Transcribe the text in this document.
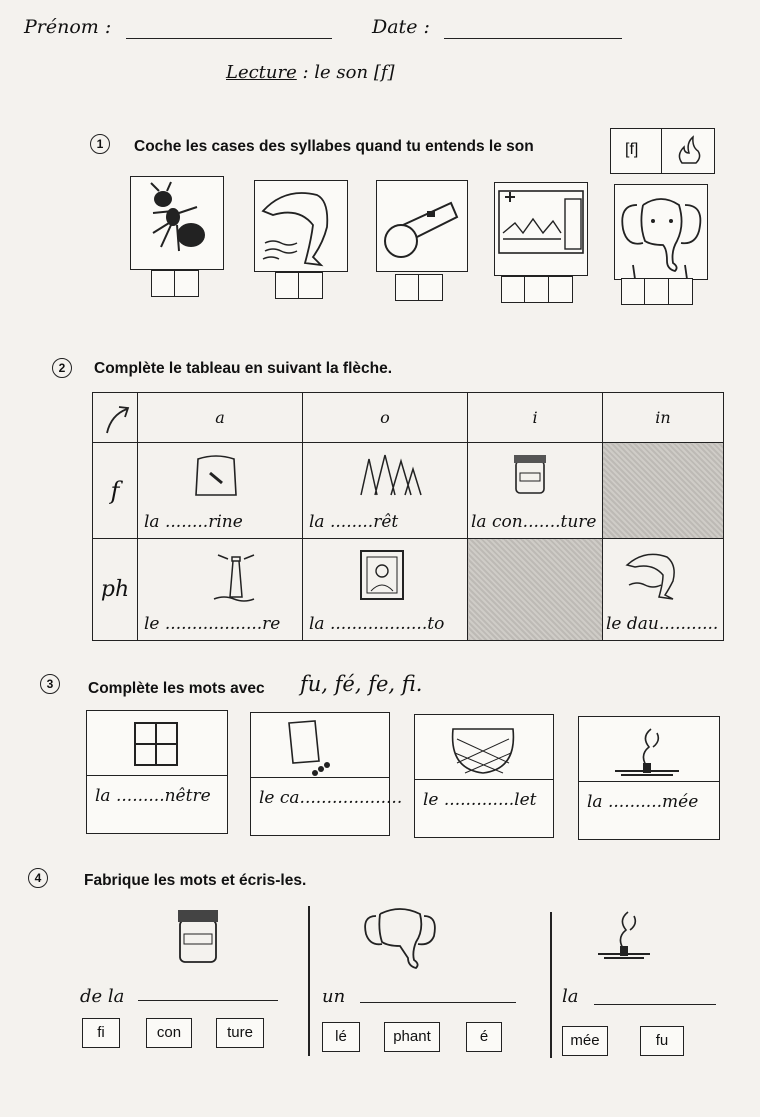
Prénom :	Date :
Lecture : le son [f]
1	Coche les cases des syllabes quand tu entends le son	[f]
2	Complète le tableau en suivant la flèche.
	a	o	i	in
f	la ........rine	la ........rêt	la con.......ture	

ph	le ..................re	la ..................to		le dau...........
3	Complète les mots avec fu, fé, fe, fi.
la .........nêtre	le ca...................	le .............let	la ..........mée
4	Fabrique les mots et écris-les.
de la
fi	con	ture
un
lé	phant	é
la
mée	fu
